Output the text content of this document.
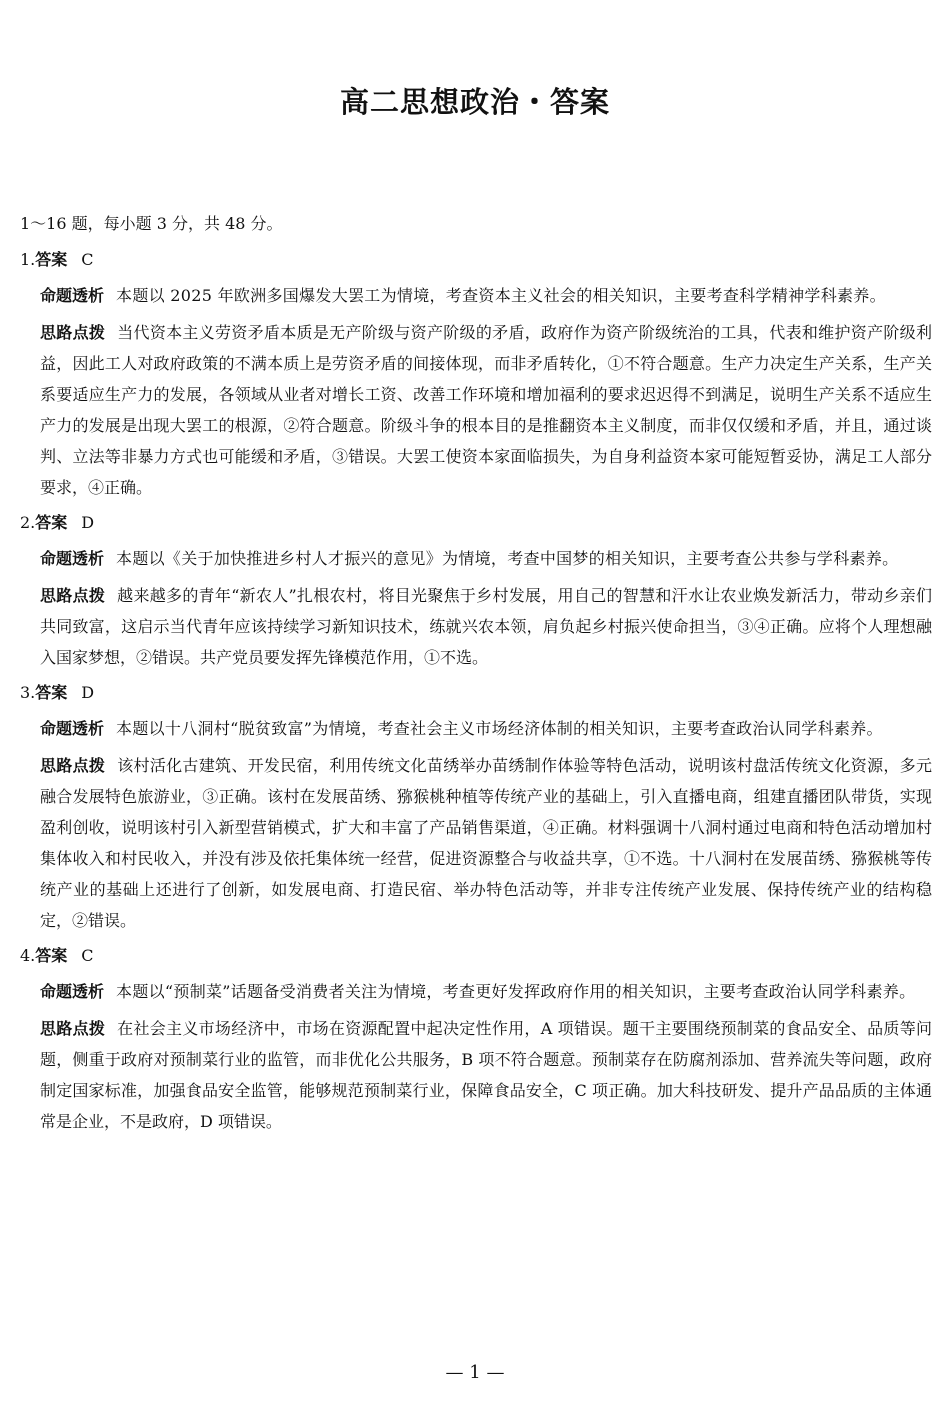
高二思想政治・答案
1～16 题，每小题 3 分，共 48 分。
1.答案 C
命题透析 本题以 2025 年欧洲多国爆发大罢工为情境，考查资本主义社会的相关知识，主要考查科学精神学科素养。
思路点拨 当代资本主义劳资矛盾本质是无产阶级与资产阶级的矛盾，政府作为资产阶级统治的工具，代表和维护资产阶级利益，因此工人对政府政策的不满本质上是劳资矛盾的间接体现，而非矛盾转化，①不符合题意。生产力决定生产关系，生产关系要适应生产力的发展，各领域从业者对增长工资、改善工作环境和增加福利的要求迟迟得不到满足，说明生产关系不适应生产力的发展是出现大罢工的根源，②符合题意。阶级斗争的根本目的是推翻资本主义制度，而非仅仅缓和矛盾，并且，通过谈判、立法等非暴力方式也可能缓和矛盾，③错误。大罢工使资本家面临损失，为自身利益资本家可能短暂妥协，满足工人部分要求，④正确。
2.答案 D
命题透析 本题以《关于加快推进乡村人才振兴的意见》为情境，考查中国梦的相关知识，主要考查公共参与学科素养。
思路点拨 越来越多的青年“新农人”扎根农村，将目光聚焦于乡村发展，用自己的智慧和汗水让农业焕发新活力，带动乡亲们共同致富，这启示当代青年应该持续学习新知识技术，练就兴农本领，肩负起乡村振兴使命担当，③④正确。应将个人理想融入国家梦想，②错误。共产党员要发挥先锋模范作用，①不选。
3.答案 D
命题透析 本题以十八洞村“脱贫致富”为情境，考查社会主义市场经济体制的相关知识，主要考查政治认同学科素养。
思路点拨 该村活化古建筑、开发民宿，利用传统文化苗绣举办苗绣制作体验等特色活动，说明该村盘活传统文化资源，多元融合发展特色旅游业，③正确。该村在发展苗绣、猕猴桃种植等传统产业的基础上，引入直播电商，组建直播团队带货，实现盈利创收，说明该村引入新型营销模式，扩大和丰富了产品销售渠道，④正确。材料强调十八洞村通过电商和特色活动增加村集体收入和村民收入，并没有涉及依托集体统一经营，促进资源整合与收益共享，①不选。十八洞村在发展苗绣、猕猴桃等传统产业的基础上还进行了创新，如发展电商、打造民宿、举办特色活动等，并非专注传统产业发展、保持传统产业的结构稳定，②错误。
4.答案 C
命题透析 本题以“预制菜”话题备受消费者关注为情境，考查更好发挥政府作用的相关知识，主要考查政治认同学科素养。
思路点拨 在社会主义市场经济中，市场在资源配置中起决定性作用，A 项错误。题干主要围绕预制菜的食品安全、品质等问题，侧重于政府对预制菜行业的监管，而非优化公共服务，B 项不符合题意。预制菜存在防腐剂添加、营养流失等问题，政府制定国家标准，加强食品安全监管，能够规范预制菜行业，保障食品安全，C 项正确。加大科技研发、提升产品品质的主体通常是企业，不是政府，D 项错误。
— 1 —
